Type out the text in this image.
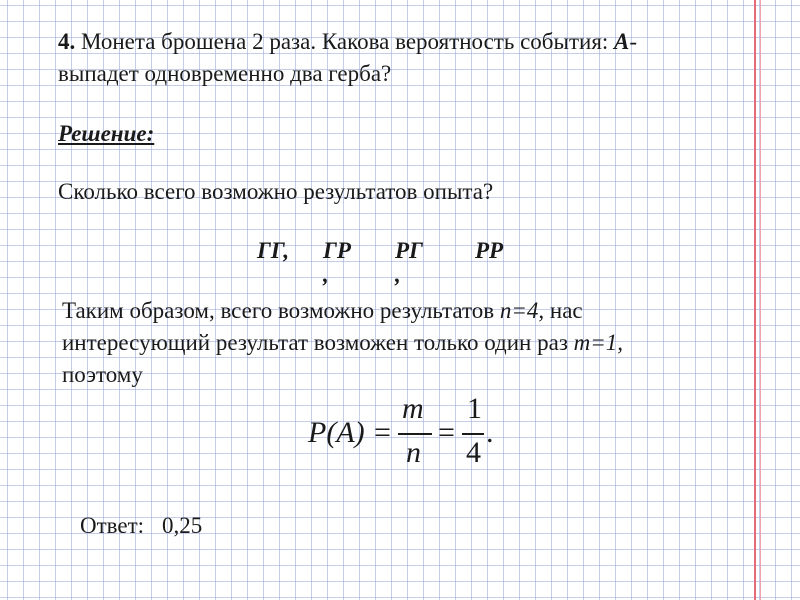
4. Монета брошена 2 раза. Какова вероятность события: A-
выпадет одновременно два герба?
Решение:
Сколько всего возможно результатов опыта?
ГГ, ГР
,
РГ
,
РР
Таким образом, всего возможно результатов n=4, нас
интересующий результат возможен только один раз m=1,
поэтому
P(A) =
m
n
=
1
4
.
Ответ: 0,25
